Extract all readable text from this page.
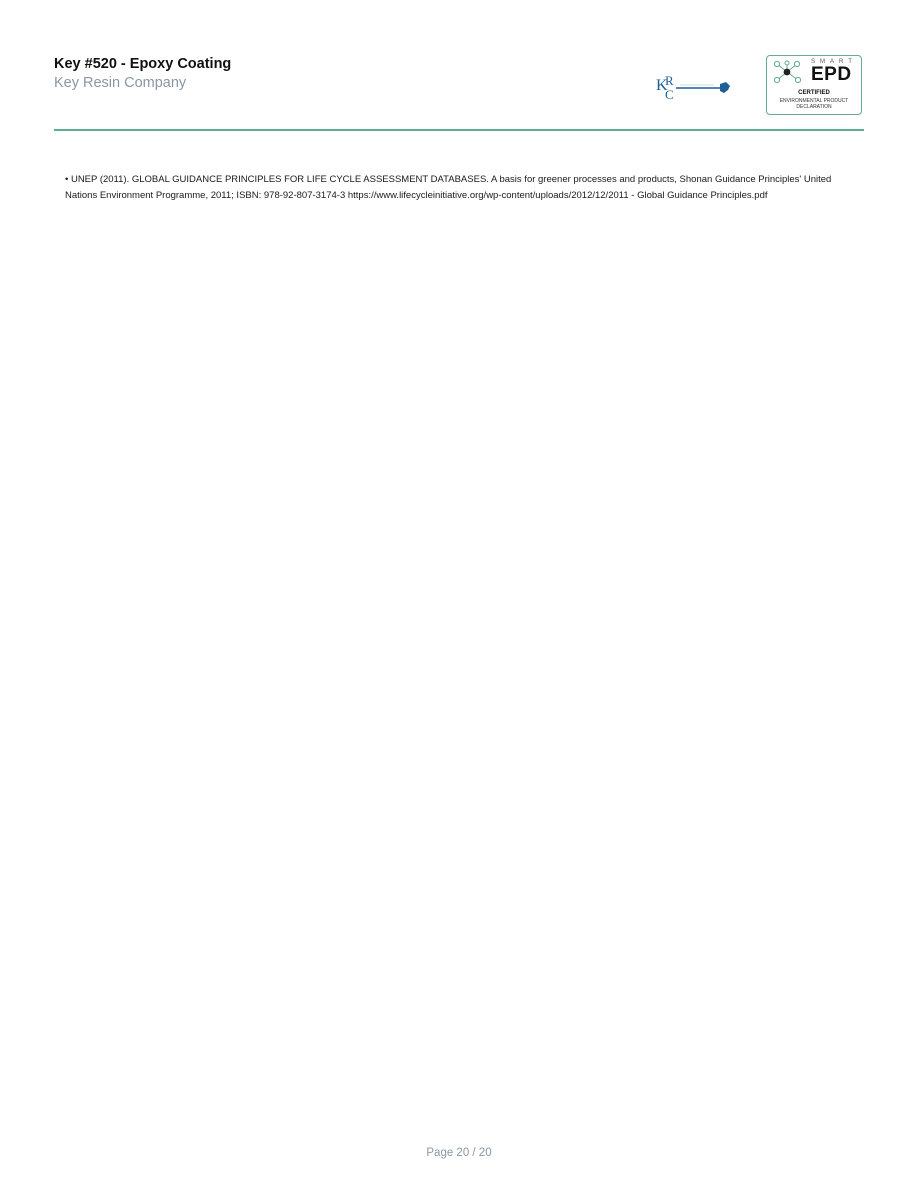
Key #520 - Epoxy Coating
Key Resin Company	K
R
C
SMART
EPD
CERTIFIED
ENVIRONMENTAL PRODUCT
DECLARATION

• UNEP (2011). GLOBAL GUIDANCE PRINCIPLES FOR LIFE CYCLE ASSESSMENT DATABASES. A basis for greener processes and products, Shonan Guidance Principles' United Nations Environment Programme, 2011; ISBN: 978-92-807-3174-3 https://www.lifecycleinitiative.org/wp-content/uploads/2012/12/2011 - Global Guidance Principles.pdf

Page 20 / 20
